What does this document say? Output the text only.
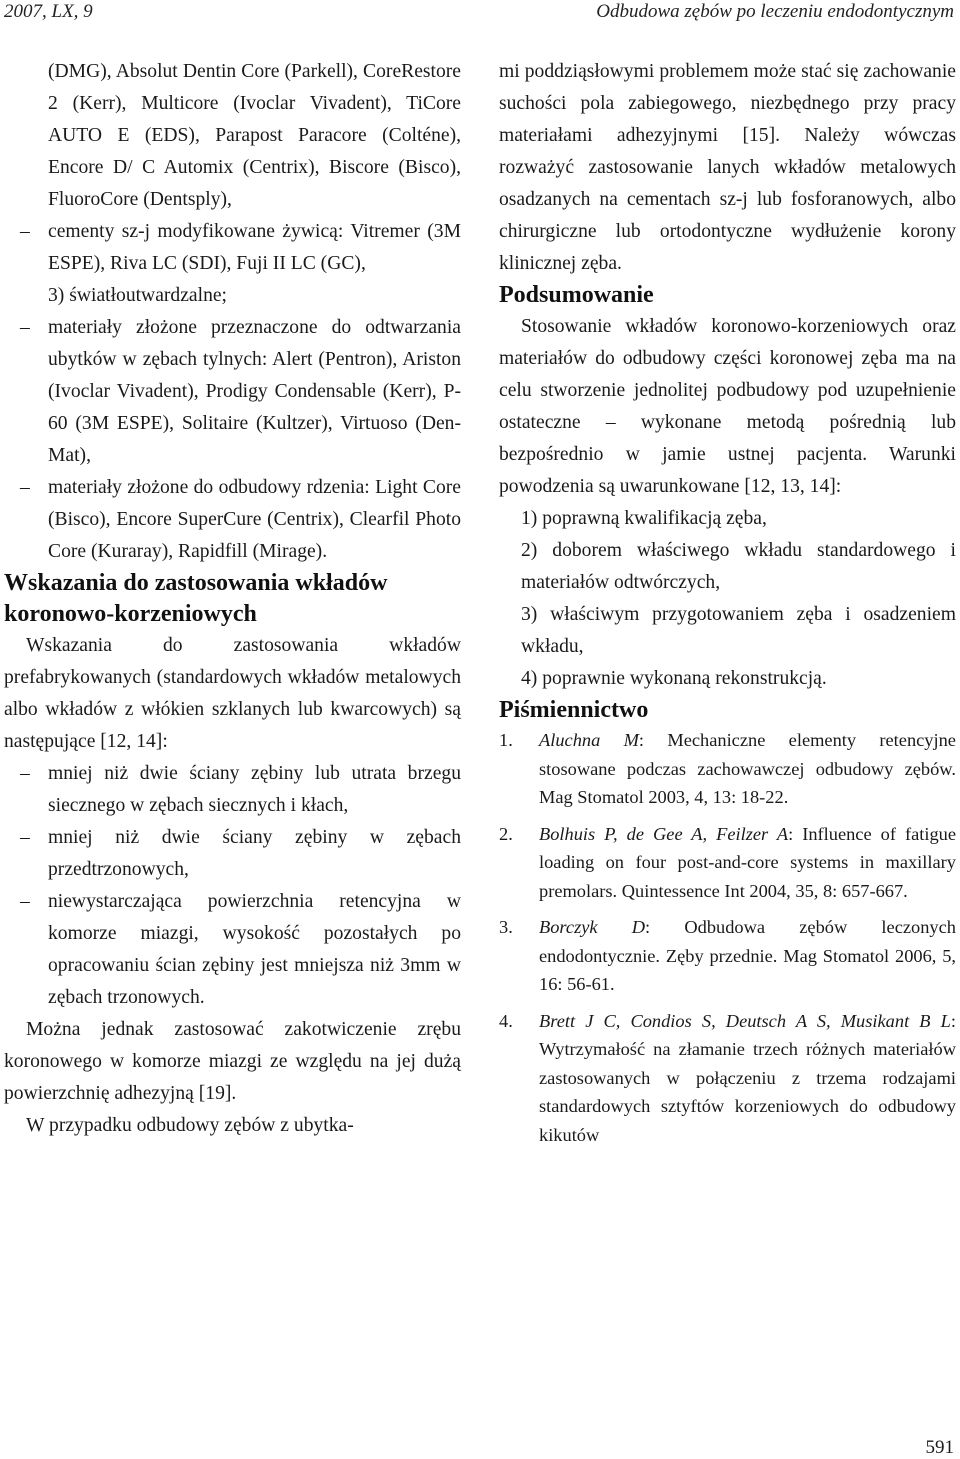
2007, LX, 9	Odbudowa zębów po leczeniu endodontycznym

(DMG), Absolut Dentin Core (Parkell), CoreRestore 2 (Kerr), Multicore (Ivoclar Vivadent), TiCore AUTO E (EDS), Parapost Paracore (Colténe), Encore D/ C Automix (Centrix), Biscore (Bisco), FluoroCore (Dentsply),

– cementy sz-j modyfikowane żywicą: Vitremer (3M ESPE), Riva LC (SDI), Fuji II LC (GC),

3) światłoutwardzalne;

– materiały złożone przeznaczone do odtwarzania ubytków w zębach tylnych: Alert (Pentron), Ariston (Ivoclar Vivadent), Prodigy Condensable (Kerr), P-60 (3M ESPE), Solitaire (Kultzer), Virtuoso (Den-Mat),
– materiały złożone do odbudowy rdzenia: Light Core (Bisco), Encore SuperCure (Centrix), Clearfil Photo Core (Kuraray), Rapidfill (Mirage).
Wskazania do zastosowania wkładów koronowo-korzeniowych

Wskazania do zastosowania wkładów prefabrykowanych (standardowych wkładów metalowych albo wkładów z włókien szklanych lub kwarcowych) są następujące [12, 14]:

– mniej niż dwie ściany zębiny lub utrata brzegu siecznego w zębach siecznych i kłach,
– mniej niż dwie ściany zębiny w zębach przedtrzonowych,
– niewystarczająca powierzchnia retencyjna w komorze miazgi, wysokość pozostałych po opracowaniu ścian zębiny jest mniejsza niż 3mm w zębach trzonowych.

Można jednak zastosować zakotwiczenie zrębu koronowego w komorze miazgi ze względu na jej dużą powierzchnię adhezyjną [19].

W przypadku odbudowy zębów z ubytka-

mi poddziąsłowymi problemem może stać się zachowanie suchości pola zabiegowego, niezbędnego przy pracy materiałami adhezyjnymi [15]. Należy wówczas rozważyć zastosowanie lanych wkładów metalowych osadzanych na cementach sz-j lub fosforanowych, albo chirurgiczne lub ortodontyczne wydłużenie korony klinicznej zęba.

Podsumowanie

Stosowanie wkładów koronowo-korzeniowych oraz materiałów do odbudowy części koronowej zęba ma na celu stworzenie jednolitej podbudowy pod uzupełnienie ostateczne – wykonane metodą pośrednią lub bezpośrednio w jamie ustnej pacjenta. Warunki powodzenia są uwarunkowane [12, 13, 14]:

1) poprawną kwalifikacją zęba,

2) doborem właściwego wkładu standardowego i materiałów odtwórczych,

3) właściwym przygotowaniem zęba i osadzeniem wkładu,

4) poprawnie wykonaną rekonstrukcją.

Piśmiennictwo
1. Aluchna M: Mechaniczne elementy retencyjne stosowane podczas zachowawczej odbudowy zębów. Mag Stomatol 2003, 4, 13: 18-22.
2. Bolhuis P, de Gee A, Feilzer A: Influence of fatigue loading on four post-and-core systems in maxillary premolars. Quintessence Int 2004, 35, 8: 657-667.
3. Borczyk D: Odbudowa zębów leczonych endodontycznie. Zęby przednie. Mag Stomatol 2006, 5, 16: 56-61.
4. Brett J C, Condios S, Deutsch A S, Musikant B L: Wytrzymałość na złamanie trzech różnych materiałów zastosowanych w połączeniu z trzema rodzajami standardowych sztyftów korzeniowych do odbudowy kikutów
591
